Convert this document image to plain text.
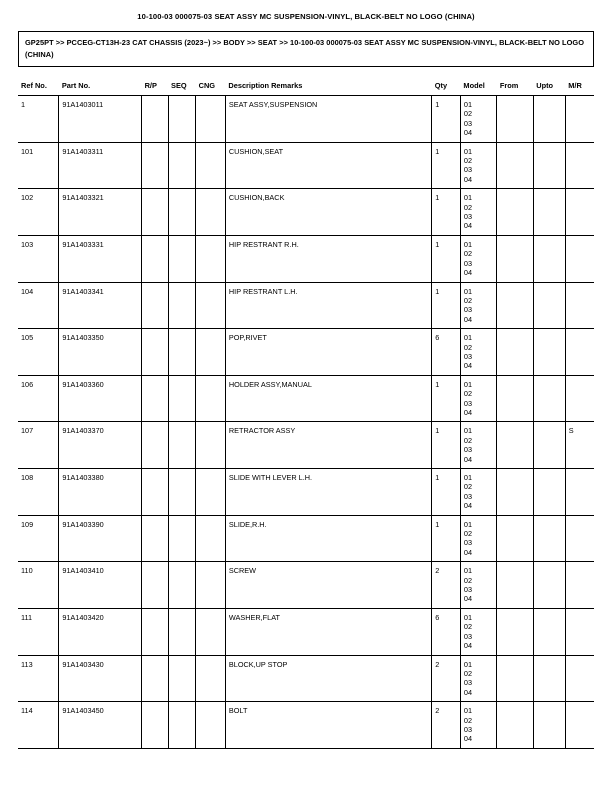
10-100-03 000075-03 SEAT ASSY MC SUSPENSION-VINYL, BLACK-BELT NO LOGO (CHINA)
GP25PT >> PCCEG-CT13H-23 CAT CHASSIS (2023~) >> BODY >> SEAT >> 10-100-03 000075-03 SEAT ASSY MC SUSPENSION-VINYL, BLACK-BELT NO LOGO (CHINA)
Ref No.	Part No.	R/P	SEQ	CNG	Description Remarks	Qty	Model	From	Upto	M/R
1	91A1403011				SEAT ASSY,SUSPENSION	1	01
02
03
04			

101	91A1403311				CUSHION,SEAT	1	01
02
03
04			

102	91A1403321				CUSHION,BACK	1	01
02
03
04			

103	91A1403331				HIP RESTRANT R.H.	1	01
02
03
04			

104	91A1403341				HIP RESTRANT L.H.	1	01
02
03
04			

105	91A1403350				POP,RIVET	6	01
02
03
04			

106	91A1403360				HOLDER ASSY,MANUAL	1	01
02
03
04			

107	91A1403370				RETRACTOR ASSY	1	01
02
03
04			S
108	91A1403380				SLIDE WITH LEVER L.H.	1	01
02
03
04			

109	91A1403390				SLIDE,R.H.	1	01
02
03
04			

110	91A1403410				SCREW	2	01
02
03
04			

111	91A1403420				WASHER,FLAT	6	01
02
03
04			

113	91A1403430				BLOCK,UP STOP	2	01
02
03
04			

114	91A1403450				BOLT	2	01
02
03
04			
